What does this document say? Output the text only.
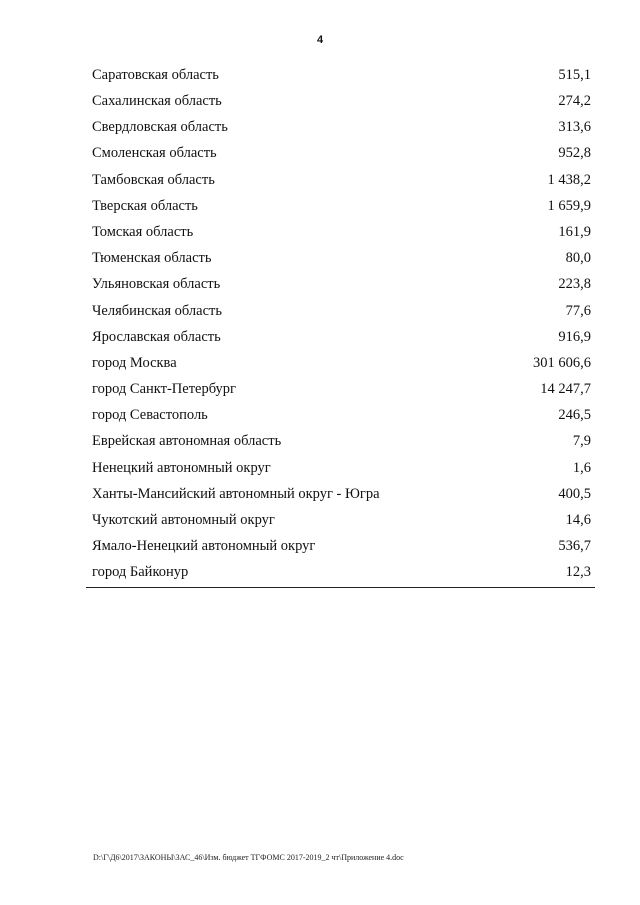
4
Саратовская область	515,1
Сахалинская область	274,2
Свердловская область	313,6
Смоленская область	952,8
Тамбовская область	1 438,2
Тверская область	1 659,9
Томская область	161,9
Тюменская область	80,0
Ульяновская область	223,8
Челябинская область	77,6
Ярославская область	916,9
город Москва	301 606,6
город Санкт-Петербург	14 247,7
город Севастополь	246,5
Еврейская автономная область	7,9
Ненецкий автономный округ	1,6
Ханты-Мансийский автономный округ - Югра	400,5
Чукотский автономный округ	14,6
Ямало-Ненецкий автономный округ	536,7
город Байконур	12,3
D:\Г\Д6\2017\ЗАКОНЫ\ЗАС_46\Изм. бюджет ТГФОМС 2017-2019_2 чт\Приложение 4.doc
